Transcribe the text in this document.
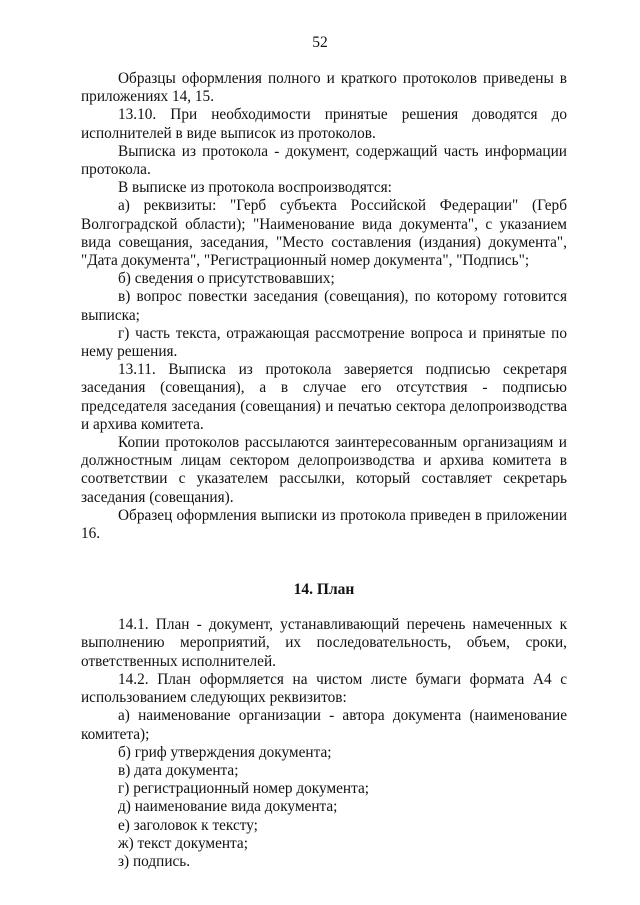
52

Образцы оформления полного и краткого протоколов приведены в приложениях 14, 15.

13.10. При необходимости принятые решения доводятся до исполнителей в виде выписок из протоколов.

Выписка из протокола - документ, содержащий часть информации протокола.

В выписке из протокола воспроизводятся:

а) реквизиты: "Герб субъекта Российской Федерации" (Герб Волгоградской области); "Наименование вида документа", с указанием вида совещания, заседания, "Место составления (издания) документа", "Дата документа", "Регистрационный номер документа", "Подпись";

б) сведения о присутствовавших;

в) вопрос повестки заседания (совещания), по которому готовится выписка;

г) часть текста, отражающая рассмотрение вопроса и принятые по нему решения.

13.11. Выписка из протокола заверяется подписью секретаря заседания (совещания), а в случае его отсутствия - подписью председателя заседания (совещания) и печатью сектора делопроизводства и архива комитета.

Копии протоколов рассылаются заинтересованным организациям и должностным лицам сектором делопроизводства и архива комитета в соответствии с указателем рассылки, который составляет секретарь заседания (совещания).

Образец оформления выписки из протокола приведен в приложении 16.

14. План

14.1. План - документ, устанавливающий перечень намеченных к выполнению мероприятий, их последовательность, объем, сроки, ответственных исполнителей.

14.2. План оформляется на чистом листе бумаги формата А4 с использованием следующих реквизитов:

а) наименование организации - автора документа (наименование комитета);

б) гриф утверждения документа;

в) дата документа;

г) регистрационный номер документа;

д) наименование вида документа;

е) заголовок к тексту;

ж) текст документа;

з) подпись.
